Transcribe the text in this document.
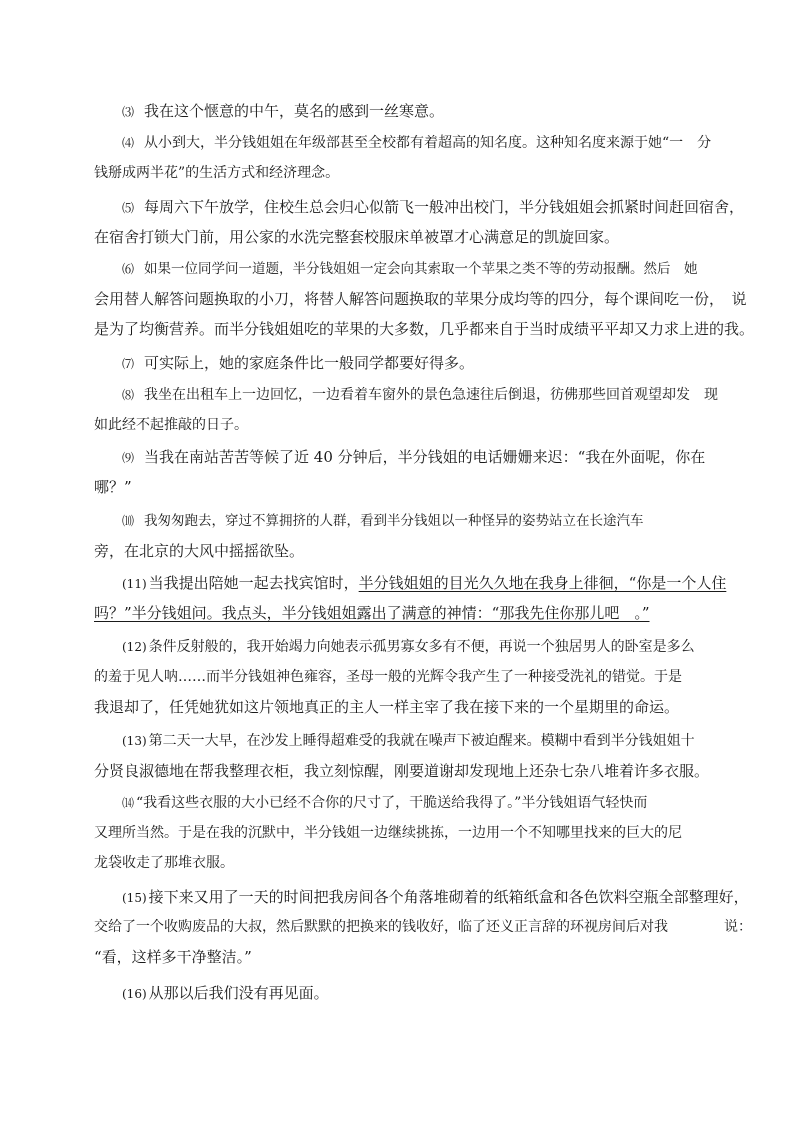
⑶ 我在这个惬意的中午，莫名的感到一丝寒意。
⑷ 从小到大，半分钱姐姐在年级部甚至全校都有着超高的知名度。这种知名度来源于她“一　分
钱掰成两半花”的生活方式和经济理念。
⑸ 每周六下午放学，住校生总会归心似箭飞一般冲出校门，半分钱姐姐会抓紧时间赶回宿舍，
在宿舍打锁大门前，用公家的水洗完整套校服床单被罩才心满意足的凯旋回家。
⑹ 如果一位同学问一道题，半分钱姐姐一定会向其索取一个苹果之类不等的劳动报酬。然后　她
会用替人解答问题换取的小刀，将替人解答问题换取的苹果分成均等的四分，每个课间吃一份，　说
是为了均衡营养。而半分钱姐姐吃的苹果的大多数，几乎都来自于当时成绩平平却又力求上进的我。
⑺ 可实际上，她的家庭条件比一般同学都要好得多。
⑻ 我坐在出租车上一边回忆，一边看着车窗外的景色急速往后倒退，彷佛那些回首观望却发　现
如此经不起推敲的日子。
⑼ 当我在南站苦苦等候了近 40 分钟后，半分钱姐的电话姗姗来迟：“我在外面呢，你在
哪？”
⑽ 我匆匆跑去，穿过不算拥挤的人群，看到半分钱姐以一种怪异的姿势站立在长途汽车
旁，在北京的大风中摇摇欲坠。
(11) 当我提出陪她一起去找宾馆时，半分钱姐姐的目光久久地在我身上徘徊，“你是一个人住
吗？”半分钱姐问。我点头，半分钱姐姐露出了满意的神情：“那我先住你那儿吧　。”
(12) 条件反射般的，我开始竭力向她表示孤男寡女多有不便，再说一个独居男人的卧室是多么
的羞于见人呐……而半分钱姐神色雍容，圣母一般的光辉令我产生了一种接受洗礼的错觉。于是
我退却了，任凭她犹如这片领地真正的主人一样主宰了我在接下来的一个星期里的命运。
(13) 第二天一大早，在沙发上睡得超难受的我就在噪声下被迫醒来。模糊中看到半分钱姐姐十
分贤良淑德地在帮我整理衣柜，我立刻惊醒，刚要道谢却发现地上还杂七杂八堆着许多衣服。
⒁ “我看这些衣服的大小已经不合你的尺寸了，干脆送给我得了。”半分钱姐语气轻快而
又理所当然。于是在我的沉默中，半分钱姐一边继续挑拣，一边用一个不知哪里找来的巨大的尼
龙袋收走了那堆衣服。
(15) 接下来又用了一天的时间把我房间各个角落堆砌着的纸箱纸盒和各色饮料空瓶全部整理好，
交给了一个收购废品的大叔，然后默默的把换来的钱收好，临了还义正言辞的环视房间后对我　　　　说：
“看，这样多干净整洁。”
(16) 从那以后我们没有再见面。
